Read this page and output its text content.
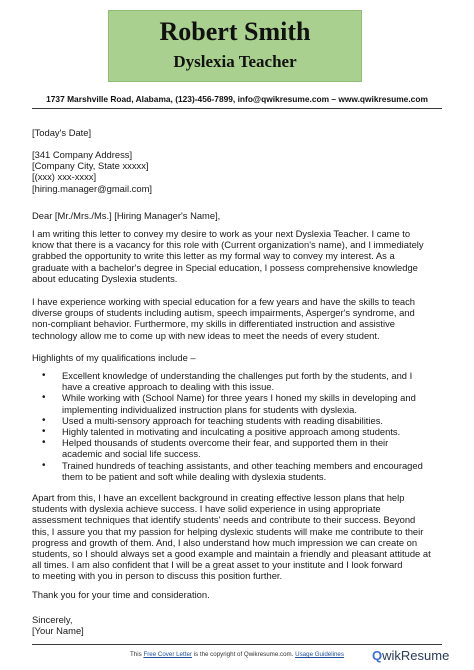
Robert Smith
Dyslexia Teacher
1737 Marshville Road, Alabama, (123)-456-7899, info@qwikresume.com – www.qwikresume.com
[Today's Date]
[341 Company Address]
[Company City, State xxxxx]
[(xxx) xxx-xxxx]
[hiring.manager@gmail.com]
Dear [Mr./Mrs./Ms.] [Hiring Manager's Name],
I am writing this letter to convey my desire to work as your next Dyslexia Teacher. I came to
know that there is a vacancy for this role with (Current organization's name), and I immediately
grabbed the opportunity to write this letter as my formal way to convey my interest. As a
graduate with a bachelor's degree in Special education, I possess comprehensive knowledge
about educating Dyslexia students.
I have experience working with special education for a few years and have the skills to teach
diverse groups of students including autism, speech impairments, Asperger's syndrome, and
non-compliant behavior. Furthermore, my skills in differentiated instruction and assistive
technology allow me to come up with new ideas to meet the needs of every student.
Highlights of my qualifications include –
• Excellent knowledge of understanding the challenges put forth by the students, and I
have a creative approach to dealing with this issue.
• While working with (School Name) for three years I honed my skills in developing and
implementing individualized instruction plans for students with dyslexia.
• Used a multi-sensory approach for teaching students with reading disabilities.
• Highly talented in motivating and inculcating a positive approach among students.
• Helped thousands of students overcome their fear, and supported them in their
academic and social life success.
• Trained hundreds of teaching assistants, and other teaching members and encouraged
them to be patient and soft while dealing with dyslexia students.
Apart from this, I have an excellent background in creating effective lesson plans that help
students with dyslexia achieve success. I have solid experience in using appropriate
assessment techniques that identify students' needs and contribute to their success. Beyond
this, I assure you that my passion for helping dyslexic students will make me contribute to their
progress and growth of them. And, I also understand how much impression we can create on
students, so I should always set a good example and maintain a friendly and pleasant attitude at
all times. I am also confident that I will be a great asset to your institute and I look forward
to meeting with you in person to discuss this position further.
Thank you for your time and consideration.
Sincerely,
[Your Name]
This Free Cover Letter is the copyright of Qwikresume.com. Usage Guidelines	QwikResume
